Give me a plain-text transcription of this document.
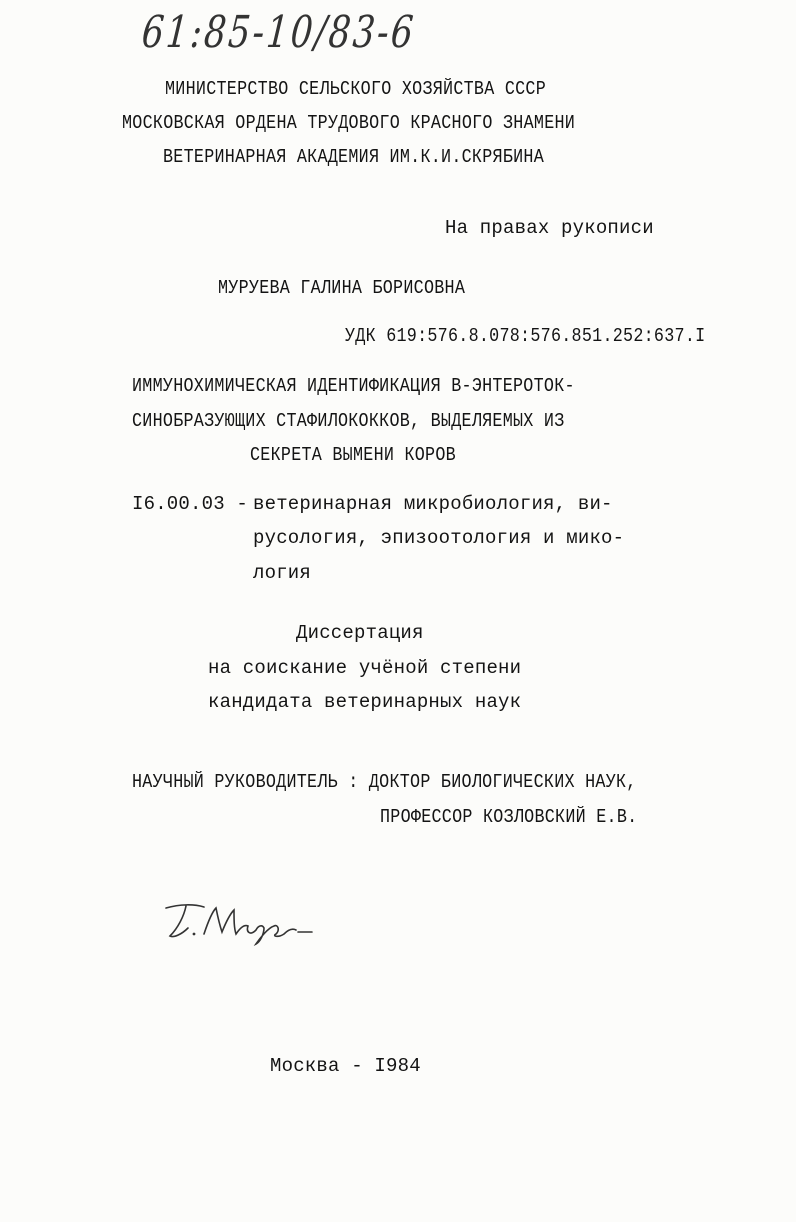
61:85-10/83-6
МИНИСТЕРСТВО СЕЛЬСКОГО ХОЗЯЙСТВА СССР
МОСКОВСКАЯ ОРДЕНА ТРУДОВОГО КРАСНОГО ЗНАМЕНИ
ВЕТЕРИНАРНАЯ АКАДЕМИЯ ИМ.К.И.СКРЯБИНА
На правах рукописи
МУРУЕВА ГАЛИНА БОРИСОВНА
УДК 619:576.8.078:576.851.252:637.I
ИММУНОХИМИЧЕСКАЯ ИДЕНТИФИКАЦИЯ В-ЭНТЕРОТОК-
СИНОБРАЗУЮЩИХ СТАФИЛОКОККОВ, ВЫДЕЛЯЕМЫХ ИЗ
СЕКРЕТА ВЫМЕНИ КОРОВ
I6.00.03 - ветеринарная микробиология, ви-
русология, эпизоотология и мико-
логия
Диссертация
на соискание учёной степени
кандидата ветеринарных наук
НАУЧНЫЙ РУКОВОДИТЕЛЬ : ДОКТОР БИОЛОГИЧЕСКИХ НАУК,
ПРОФЕССОР КОЗЛОВСКИЙ Е.В.
Москва - I984
